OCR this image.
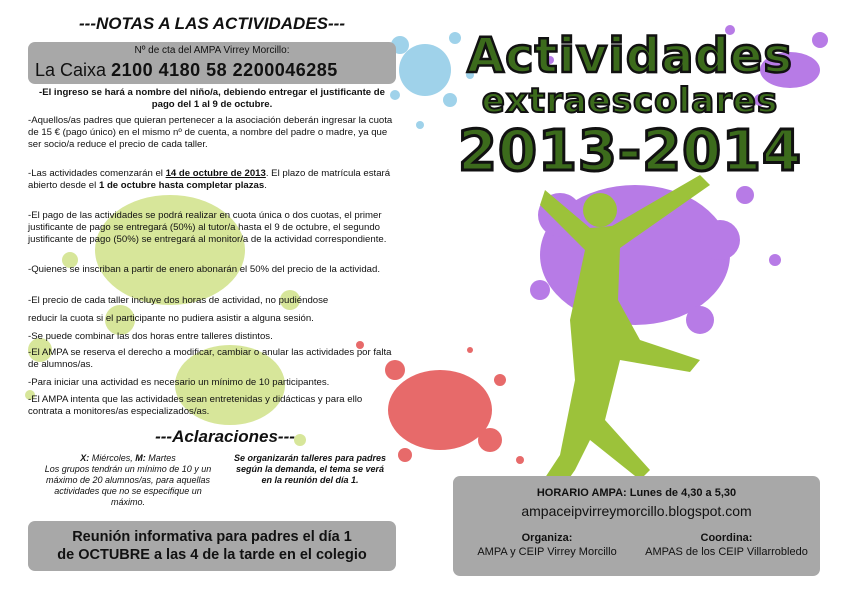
Actividades
extraescolares
2013-2014
---NOTAS A LAS ACTIVIDADES---
Nº de cta del AMPA Virrey Morcillo:
La Caixa 2100 4180 58 2200046285
-El ingreso se hará a nombre del niño/a, debiendo entregar el justificante de pago del 1 al 9 de octubre.
-Aquellos/as padres que quieran pertenecer a la asociación deberán ingresar la cuota de 15 € (pago único) en el mismo nº de cuenta, a nombre del padre o madre, ya que ser socio/a reduce el precio de cada taller.
-Las actividades comenzarán el 14 de octubre de 2013. El plazo de matrícula estará abierto desde el 1 de octubre hasta completar plazas.
-El pago de las actividades se podrá realizar en cuota única o dos cuotas, el primer justificante de pago se entregará (50%) al tutor/a hasta el 9 de octubre, el segundo justificante de pago (50%) se entregará al monitor/a de la actividad correspondiente.
-Quienes se inscriban a partir de enero abonarán el 50% del precio de la actividad.
-El precio de cada taller incluye dos horas de actividad, no pudiéndose
reducir la cuota si el participante no pudiera asistir a alguna sesión.
-Se puede combinar las dos horas entre talleres distintos.
-El AMPA se reserva el derecho a modificar, cambiar o anular las actividades por falta de alumnos/as.
-Para iniciar una actividad es necesario un mínimo de 10 participantes.
-El AMPA intenta que las actividades sean entretenidas y didácticas y para ello contrata a monitores/as especializados/as.
---Aclaraciones---
X: Miércoles, M: Martes
Los grupos tendrán un mínimo de 10 y un máximo de 20 alumnos/as, para aquellas actividades que no se especifique un máximo.
Se organizarán talleres para padres según la demanda, el tema se verá en la reunión del día 1.
Reunión informativa para padres el día 1
de OCTUBRE a las 4 de la tarde en el colegio
HORARIO AMPA: Lunes de 4,30 a 5,30
ampaceipvirreymorcillo.blogspot.com
Organiza:
AMPA y CEIP Virrey Morcillo
Coordina:
AMPAS de los CEIP Villarrobledo
